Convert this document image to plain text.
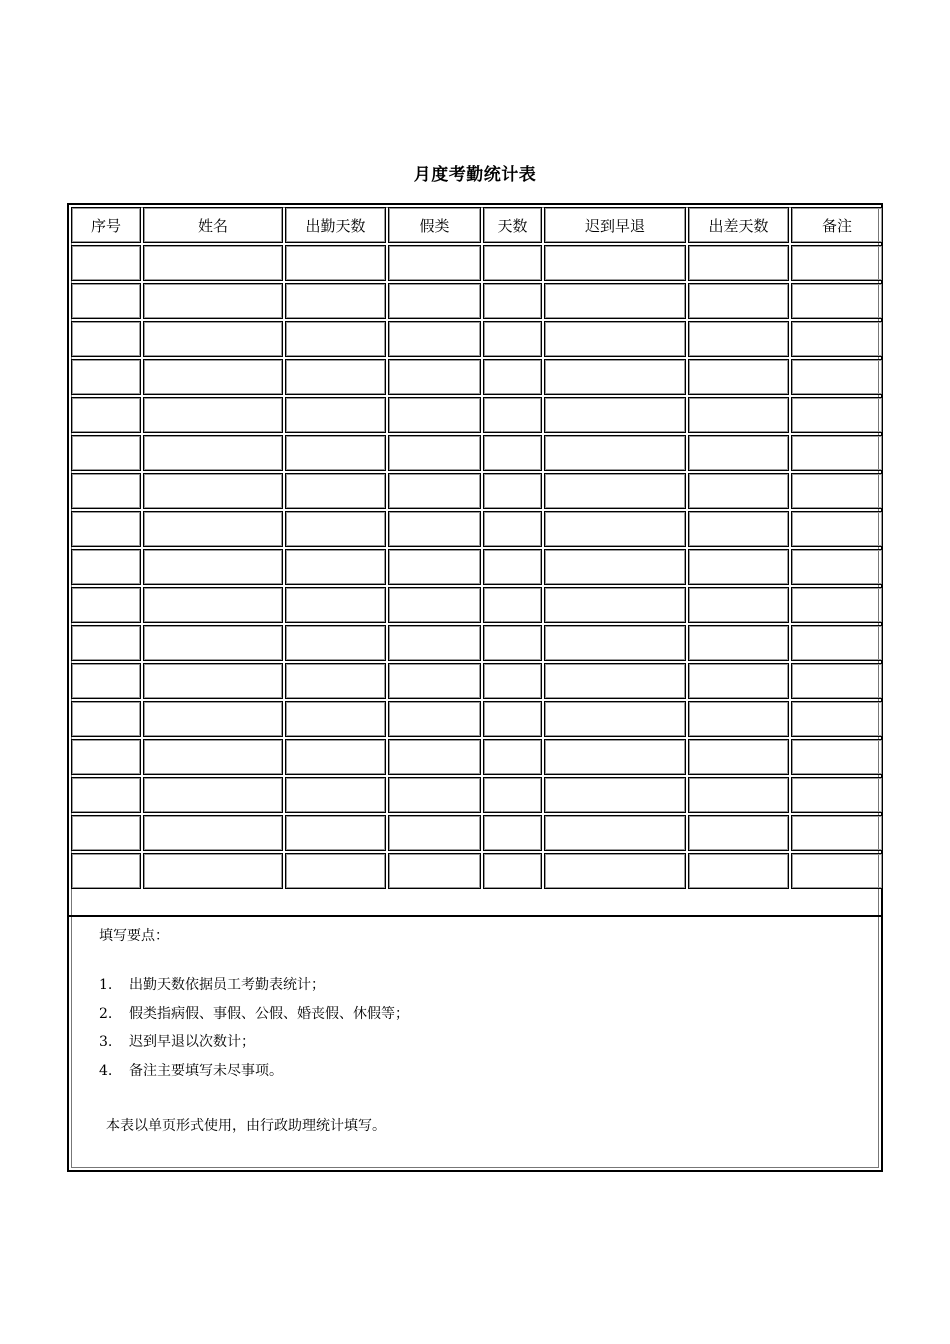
月度考勤统计表
序号	姓名	出勤天数	假类	天数	迟到早退	出差天数	备注

填写要点：
1. 出勤天数依据员工考勤表统计；
2. 假类指病假、事假、公假、婚丧假、休假等；
3. 迟到早退以次数计；
4. 备注主要填写未尽事项。
本表以单页形式使用，由行政助理统计填写。
